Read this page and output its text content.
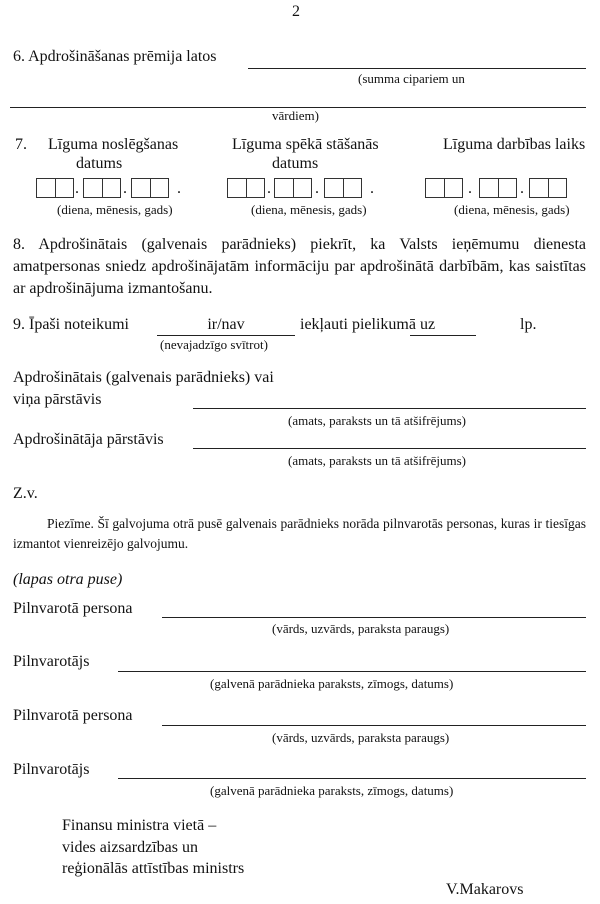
2
6. Apdrošināšanas prēmija latos
(summa cipariem un
vārdiem)
7. Līguma noslēgšanas
datums
Līguma spēkā stāšanās
datums
Līguma darbības laiks
.	.	.
(diena, mēnesis, gads)
.	.	.
(diena, mēnesis, gads)
.	.
(diena, mēnesis, gads)
8. Apdrošinātais (galvenais parādnieks) piekrīt, ka Valsts ieņēmumu dienesta amatpersonas sniedz apdrošinājatām informāciju par apdrošinātā darbībām, kas saistītas ar apdrošinājuma izmantošanu.
9. Īpaši noteikumi	ir/nav
(nevajadzīgo svītrot)
iekļauti pielikumā uz	lp.
Apdrošinātais (galvenais parādnieks) vai
viņa pārstāvis
(amats, paraksts un tā atšifrējums)
Apdrošinātāja pārstāvis
(amats, paraksts un tā atšifrējums)
Z.v.
Piezīme. Šī galvojuma otrā pusē galvenais parādnieks norāda pilnvarotās personas, kuras ir tiesīgas izmantot vienreizējo galvojumu.
(lapas otra puse)
Pilnvarotā persona
(vārds, uzvārds, paraksta paraugs)
Pilnvarotājs
(galvenā parādnieka paraksts, zīmogs, datums)
Pilnvarotā persona
(vārds, uzvārds, paraksta paraugs)
Pilnvarotājs
(galvenā parādnieka paraksts, zīmogs, datums)
Finansu ministra vietā –
vides aizsardzības un
reģionālās attīstības ministrs
V.Makarovs
